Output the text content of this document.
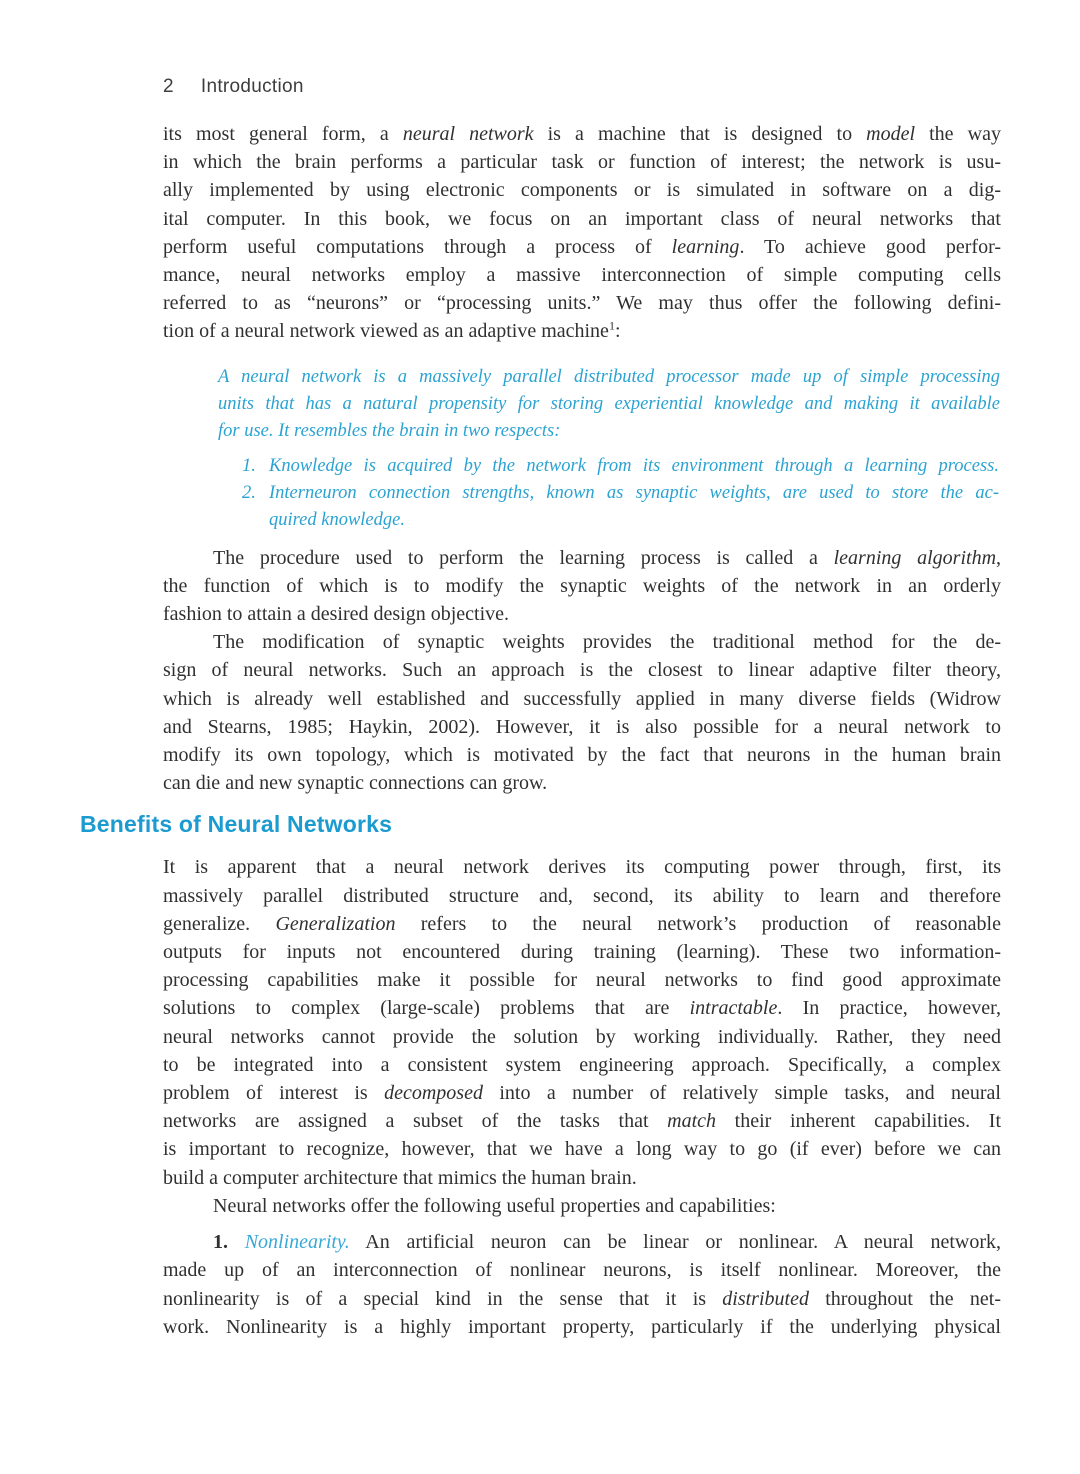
2 Introduction
its most general form, a neural network is a machine that is designed to model the way
in which the brain performs a particular task or function of interest; the network is usu-
ally implemented by using electronic components or is simulated in software on a dig-
ital computer. In this book, we focus on an important class of neural networks that
perform useful computations through a process of learning. To achieve good perfor-
mance, neural networks employ a massive interconnection of simple computing cells
referred to as “neurons” or “processing units.” We may thus offer the following defini-
tion of a neural network viewed as an adaptive machine$^1$:
A neural network is a massively parallel distributed processor made up of simple processing
units that has a natural propensity for storing experiential knowledge and making it available
for use. It resembles the brain in two respects:
1. Knowledge is acquired by the network from its environment through a learning process.
2. Interneuron connection strengths, known as synaptic weights, are used to store the ac-
quired knowledge.
The procedure used to perform the learning process is called a learning algorithm,
the function of which is to modify the synaptic weights of the network in an orderly
fashion to attain a desired design objective.
The modification of synaptic weights provides the traditional method for the de-
sign of neural networks. Such an approach is the closest to linear adaptive filter theory,
which is already well established and successfully applied in many diverse fields (Widrow
and Stearns, 1985; Haykin, 2002). However, it is also possible for a neural network to
modify its own topology, which is motivated by the fact that neurons in the human brain
can die and new synaptic connections can grow.
Benefits of Neural Networks
It is apparent that a neural network derives its computing power through, first, its
massively parallel distributed structure and, second, its ability to learn and therefore
generalize. Generalization refers to the neural network’s production of reasonable
outputs for inputs not encountered during training (learning). These two information-
processing capabilities make it possible for neural networks to find good approximate
solutions to complex (large-scale) problems that are intractable. In practice, however,
neural networks cannot provide the solution by working individually. Rather, they need
to be integrated into a consistent system engineering approach. Specifically, a complex
problem of interest is decomposed into a number of relatively simple tasks, and neural
networks are assigned a subset of the tasks that match their inherent capabilities. It
is important to recognize, however, that we have a long way to go (if ever) before we can
build a computer architecture that mimics the human brain.
Neural networks offer the following useful properties and capabilities:
1. Nonlinearity. An artificial neuron can be linear or nonlinear. A neural network,
made up of an interconnection of nonlinear neurons, is itself nonlinear. Moreover, the
nonlinearity is of a special kind in the sense that it is distributed throughout the net-
work. Nonlinearity is a highly important property, particularly if the underlying physical
